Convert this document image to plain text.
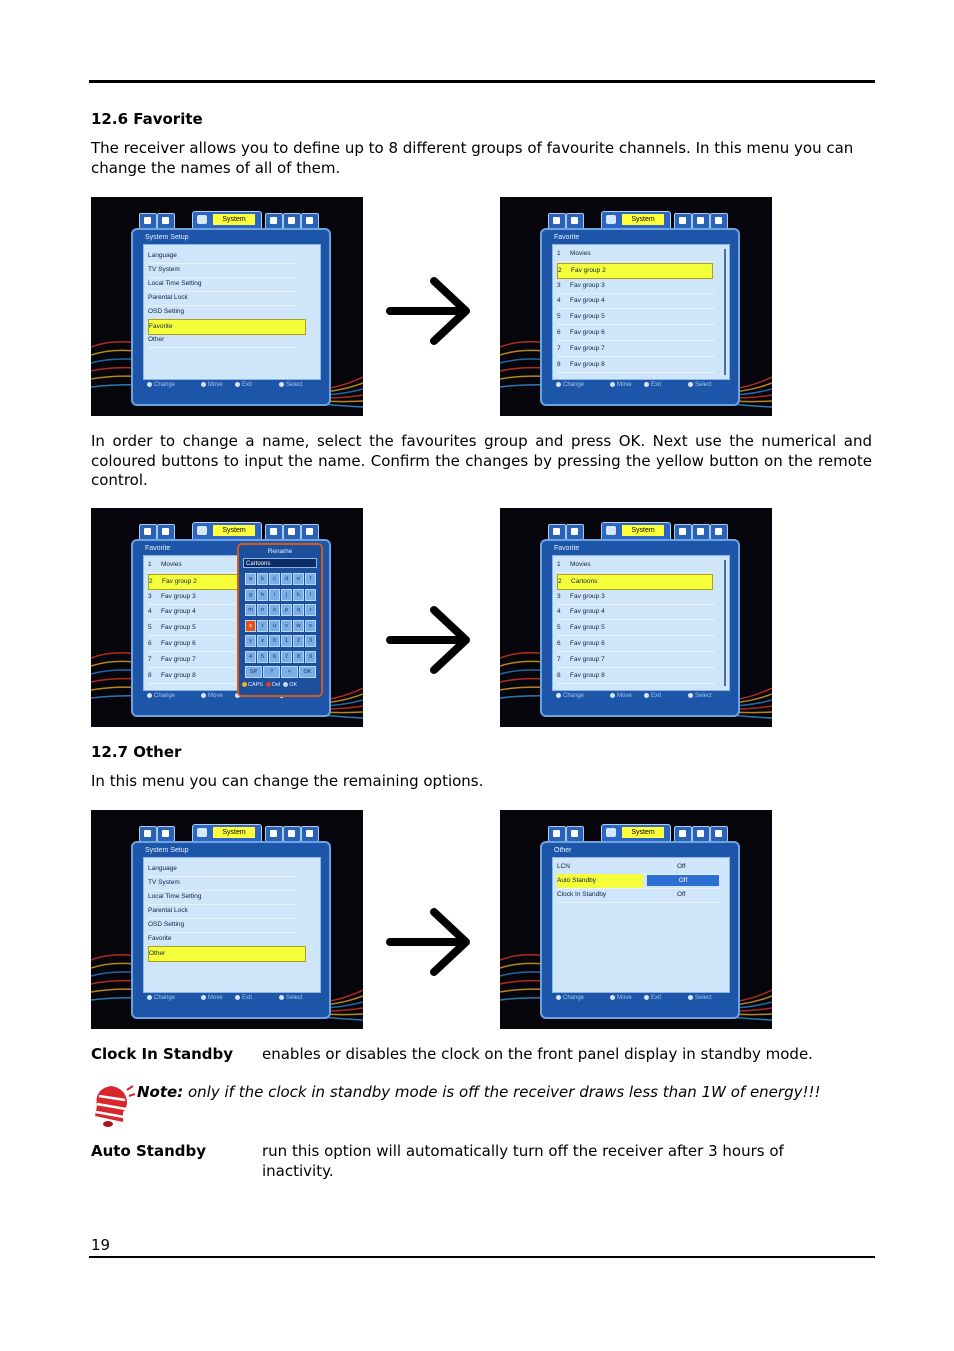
12.6 Favorite
The receiver allows you to define up to 8 different groups of favourite channels. In this menu you can change the names of all of them.
System
System Setup
Change	Move	Exit	Select
Language
TV System
Local Time Setting
Parental Lock
OSD Setting
Favorite
Other
System
Favorite
Change	Move	Exit	Select
1 Movies
2 Fav group 2
3 Fav group 3
4 Fav group 4
5 Fav group 5
6 Fav group 6
7 Fav group 7
8 Fav group 8
In order to change a name, select the favourites group and press OK. Next use the numerical and coloured buttons to input the name. Confirm the changes by pressing the yellow button on the remote control.
System
Favorite
Change	Move
1 Movies
2 Fav group 2
3 Fav group 3
4 Fav group 4
5 Fav group 5
6 Fav group 6
7 Fav group 7
8 Fav group 8
Rename
Cartoons
a	b	c	d	e	f
g	h	i	j	k	l
m	n	o	p	q	r
s	t	u	v	w	x
y	z	0	1	2	3
4	5	6	7	8	9
SP	?	<	OK
CAPS Del OK
System
Favorite
Change	Move	Exit	Select
1 Movies
2 Cartoons
3 Fav group 3
4 Fav group 4
5 Fav group 5
6 Fav group 6
7 Fav group 7
8 Fav group 8
12.7 Other
In this menu you can change the remaining options.
System
System Setup
Change	Move	Exit	Select
Language
TV System
Local Time Setting
Parental Lock
OSD Setting
Favorite
Other
System
Other
Change	Move	Exit	Select
LCN	Off
Auto Standby	Off
Clock In Standby	Off
Clock In Standby enables or disables the clock on the front panel display in standby mode.
Note: only if the clock in standby mode is off the receiver draws less than 1W of energy!!!
Auto Standby	run this option will automatically turn off the receiver after 3 hours of inactivity.
19
